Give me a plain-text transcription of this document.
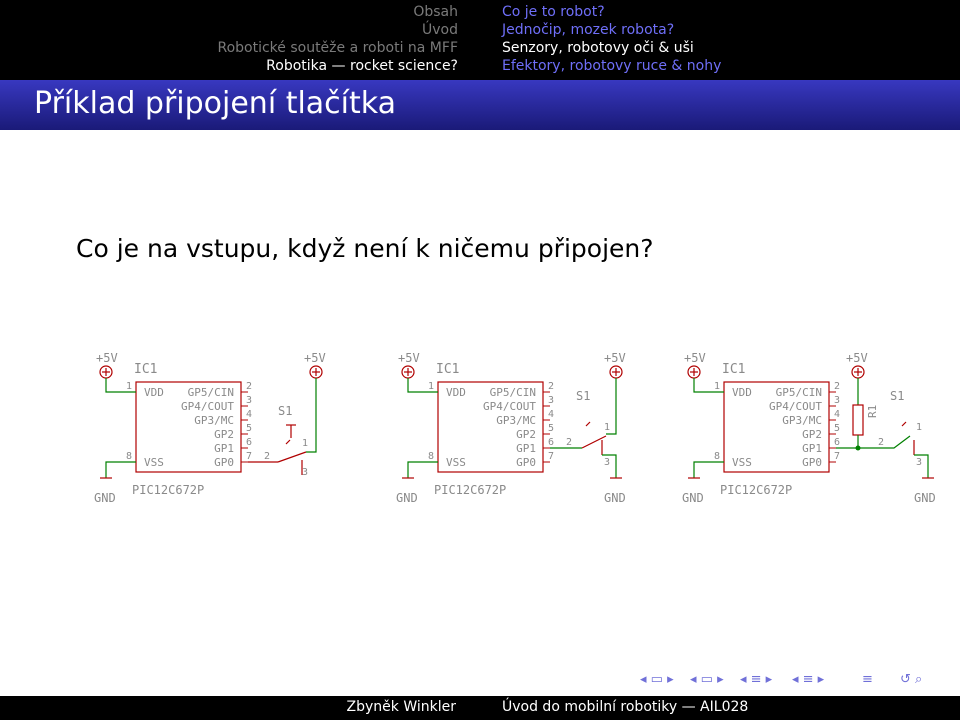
Obsah
Úvod
Robotické soutěže a roboti na MFF
Robotika — rocket science?
Co je to robot?
Jednočip, mozek robota?
Senzory, robotovy oči & uši
Efektory, robotovy ruce & nohy
Příklad připojení tlačítka
Co je na vstupu, když není k ničemu připojen?
+5V
IC1
GND
PIC12C672P
VDD
VSS
GP5/CIN
GP4/COUT
GP3/MC
GP2
GP1
GP0
1
8
2
3
4
5
6
7
+5V
S1
2
1
3
+5V
IC1
GND
PIC12C672P
VDD
VSS
GP5/CIN
GP4/COUT
GP3/MC
GP2
GP1
GP0
1
8
2
3
4
5
6
7
+5V
S1
GND
2
1
3
+5V
IC1
GND
PIC12C672P
VDD
VSS
GP5/CIN
GP4/COUT
GP3/MC
GP2
GP1
GP0
1
8
2
3
4
5
6
7
+5V
R1
S1
GND
2
1
3
◂ ▭ ▸ ◂ ▭ ▸ ◂ ≡ ▸ ◂ ≡ ▸	≡ ↺ ⌕
Zbyněk Winkler	Úvod do mobilní robotiky — AIL028
